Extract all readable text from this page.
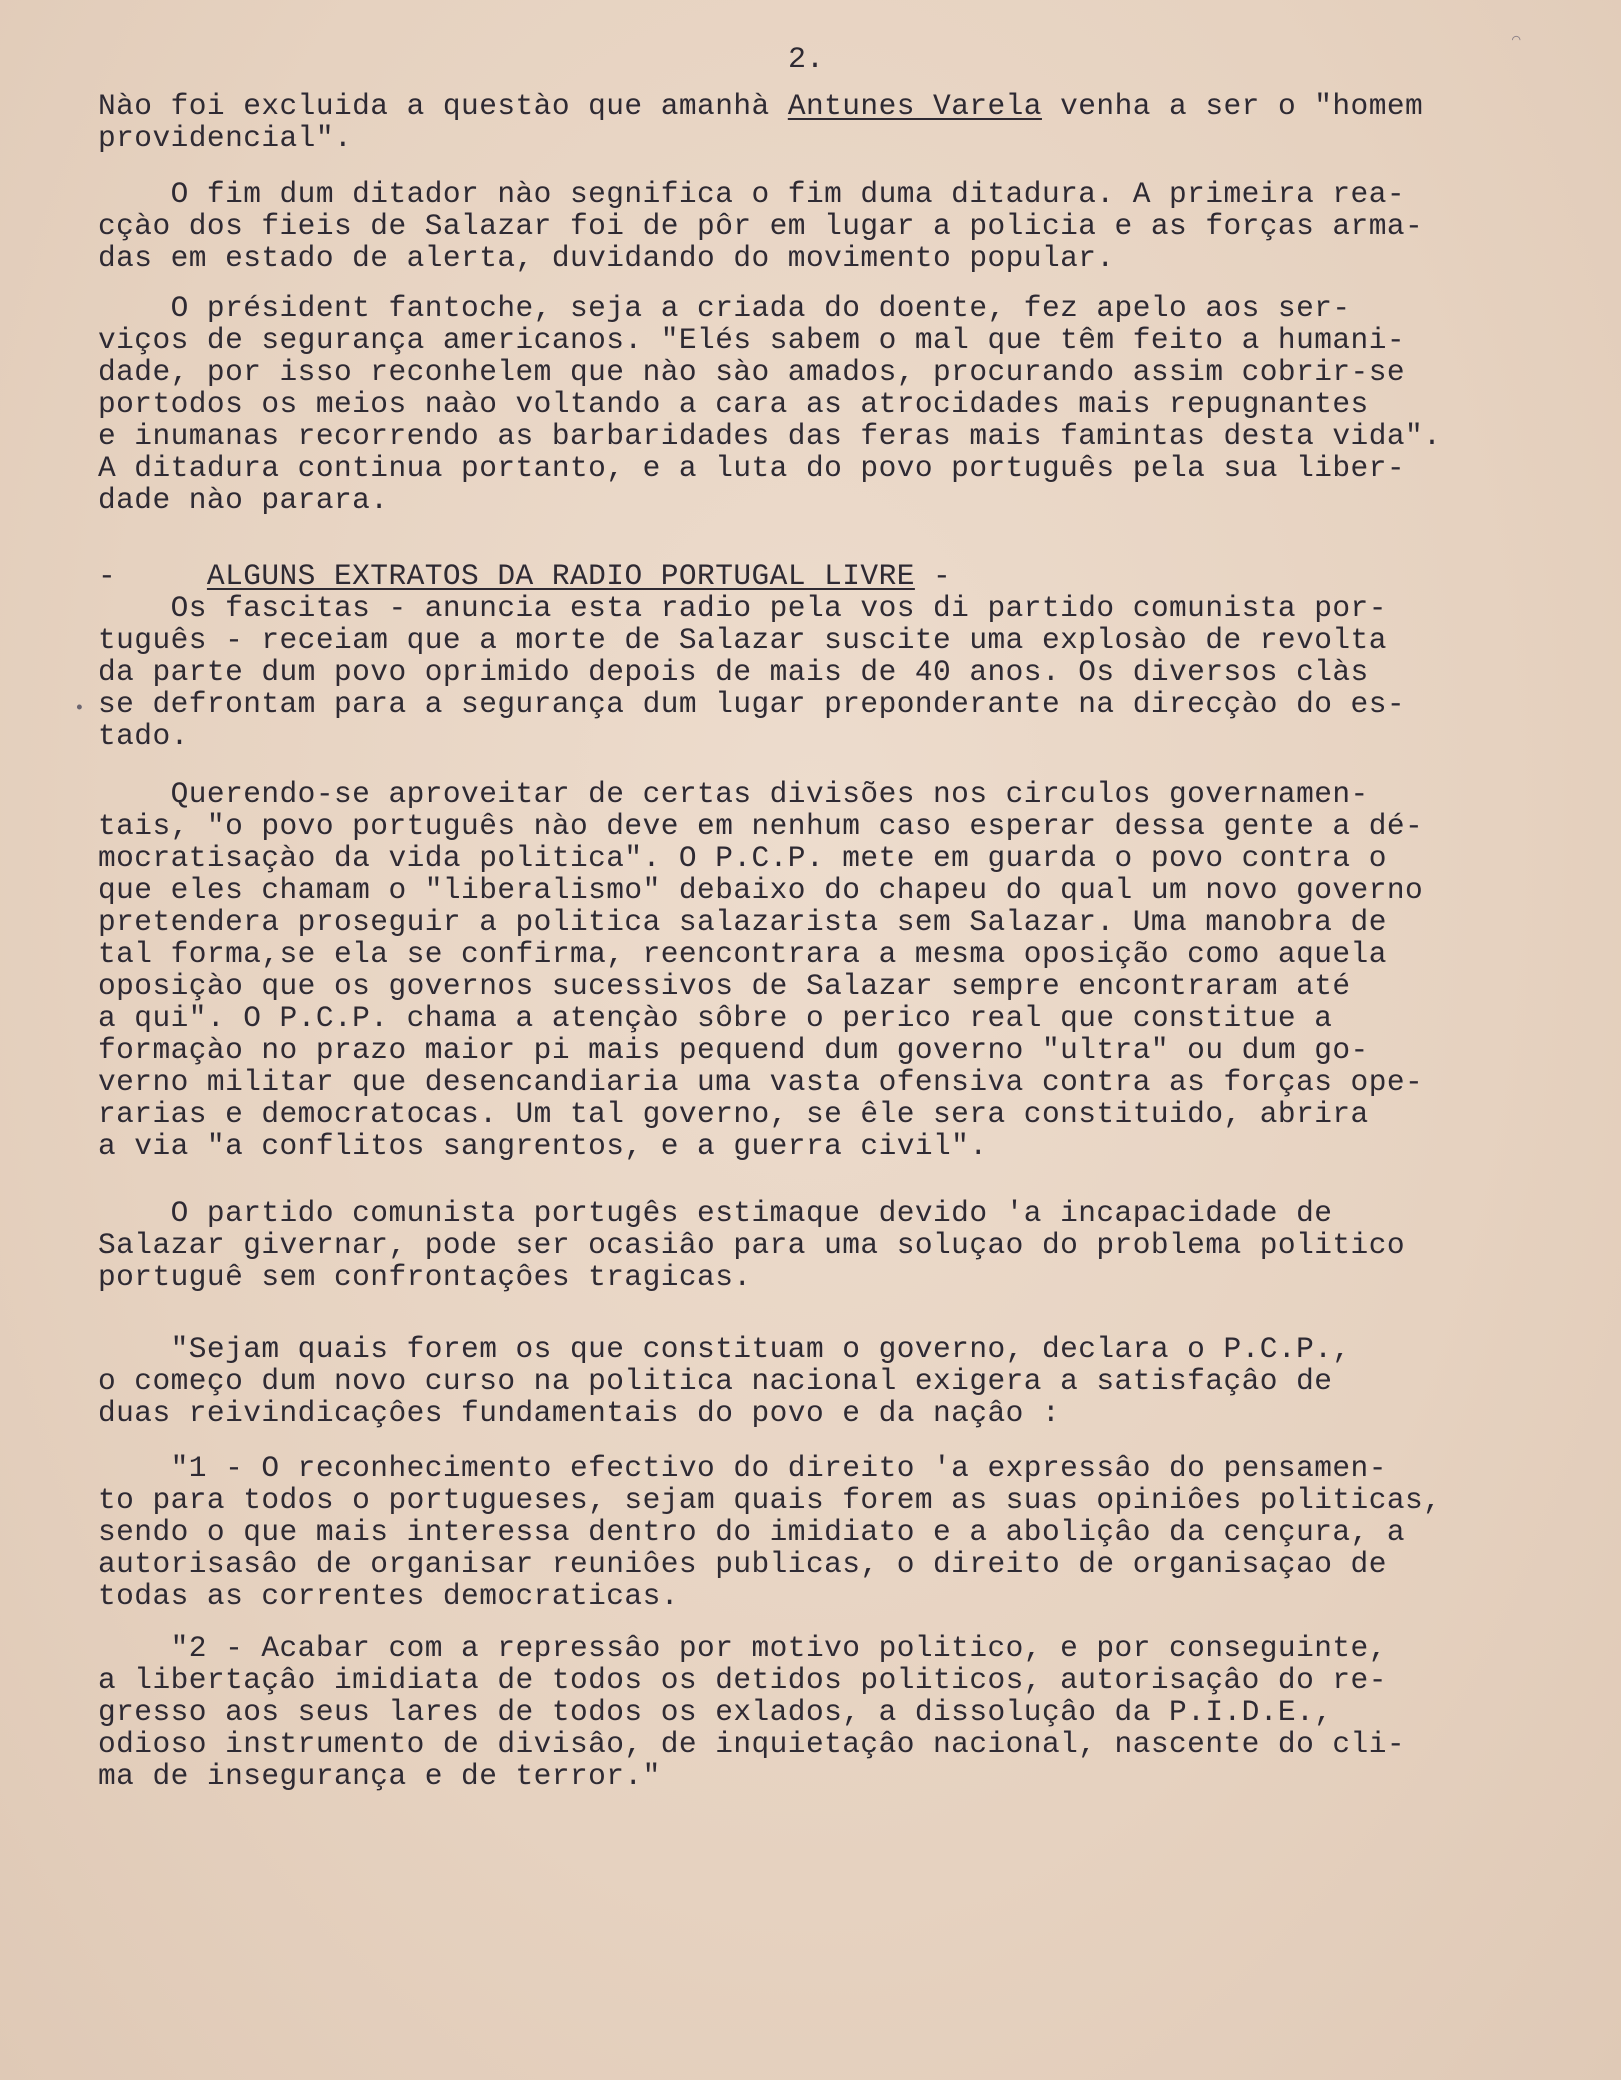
2.
⌒
•
Nào foi excluida a questào que amanhà Antunes Varela venha a ser o "homem
providencial".
O fim dum ditador nào segnifica o fim duma ditadura. A primeira rea-
cçào dos fieis de Salazar foi de pôr em lugar a policia e as forças arma-
das em estado de alerta, duvidando do movimento popular.
O président fantoche, seja a criada do doente, fez apelo aos ser-
viços de segurança americanos. "Elés sabem o mal que têm feito a humani-
dade, por isso reconhelem que nào sào amados, procurando assim cobrir-se
portodos os meios naào voltando a cara as atrocidades mais repugnantes
e inumanas recorrendo as barbaridades das feras mais famintas desta vida".
A ditadura continua portanto, e a luta do povo português pela sua liber-
dade nào parara.
-     ALGUNS EXTRATOS DA RADIO PORTUGAL LIVRE -
Os fascitas - anuncia esta radio pela vos di partido comunista por-
tuguês - receiam que a morte de Salazar suscite uma explosào de revolta
da parte dum povo oprimido depois de mais de 40 anos. Os diversos clàs
se defrontam para a segurança dum lugar preponderante na direcçào do es-
tado.
Querendo-se aproveitar de certas divisões nos circulos governamen-
tais, "o povo português nào deve em nenhum caso esperar dessa gente a dé-
mocratisaçào da vida politica". O P.C.P. mete em guarda o povo contra o
que eles chamam o "liberalismo" debaixo do chapeu do qual um novo governo
pretendera proseguir a politica salazarista sem Salazar. Uma manobra de
tal forma,se ela se confirma, reencontrara a mesma oposição como aquela
oposiçào que os governos sucessivos de Salazar sempre encontraram até
a qui". O P.C.P. chama a atençào sôbre o perico real que constitue a
formaçào no prazo maior pi mais pequend dum governo "ultra" ou dum go-
verno militar que desencandiaria uma vasta ofensiva contra as forças ope-
rarias e democratocas. Um tal governo, se êle sera constituido, abrira
a via "a conflitos sangrentos, e a guerra civil".
O partido comunista portugês estimaque devido 'a incapacidade de
Salazar givernar, pode ser ocasiâo para uma soluçao do problema politico
portuguê sem confrontaçôes tragicas.
"Sejam quais forem os que constituam o governo, declara o P.C.P.,
o começo dum novo curso na politica nacional exigera a satisfaçâo de
duas reivindicaçôes fundamentais do povo e da naçâo :
"1 - O reconhecimento efectivo do direito 'a expressâo do pensamen-
to para todos o portugueses, sejam quais forem as suas opiniôes politicas,
sendo o que mais interessa dentro do imidiato e a aboliçâo da cençura, a
autorisasâo de organisar reuniôes publicas, o direito de organisaçao de
todas as correntes democraticas.
"2 - Acabar com a repressâo por motivo politico, e por conseguinte,
a libertaçâo imidiata de todos os detidos politicos, autorisaçâo do re-
gresso aos seus lares de todos os exlados, a dissoluçâo da P.I.D.E.,
odioso instrumento de divisâo, de inquietaçâo nacional, nascente do cli-
ma de insegurança e de terror."
